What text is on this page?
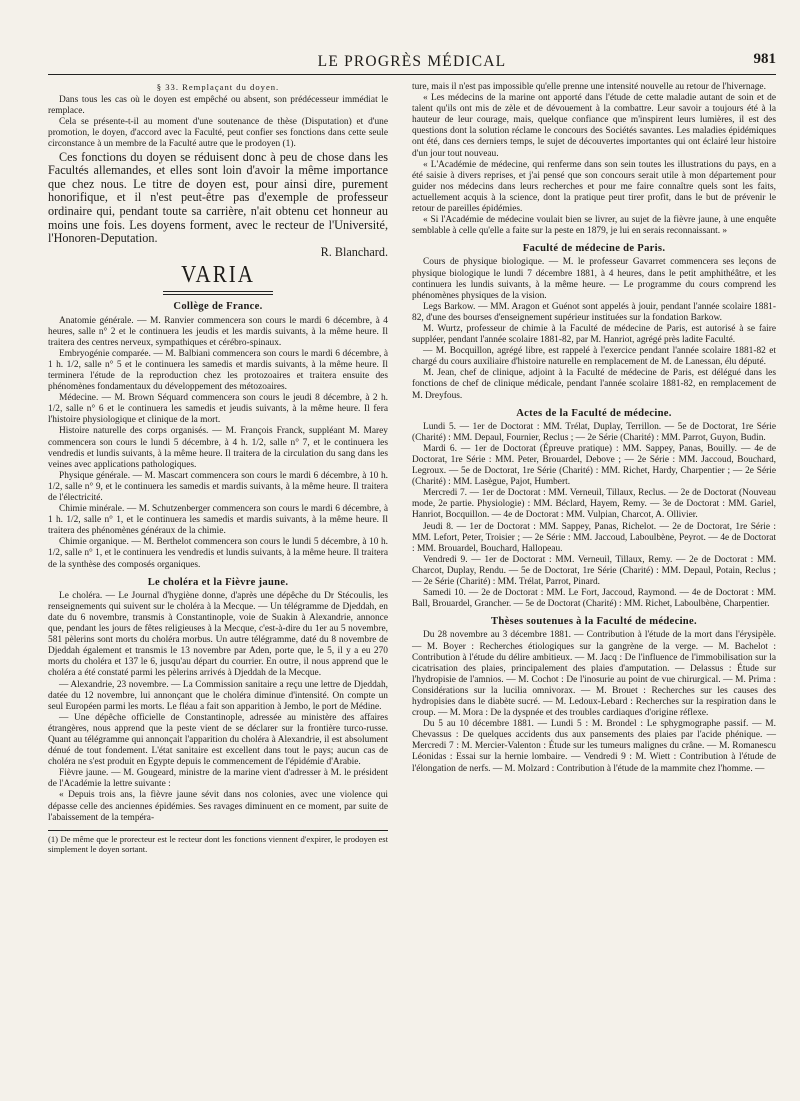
LE PROGRÈS MÉDICAL	981
§ 33. Remplaçant du doyen.

Dans tous les cas où le doyen est empêché ou absent, son prédécesseur immédiat le remplace.

Cela se présente-t-il au moment d'une soutenance de thèse (Disputation) et d'une promotion, le doyen, d'accord avec la Faculté, peut confier ses fonctions dans cette seule circonstance à un membre de la Faculté autre que le prodoyen (1).

Ces fonctions du doyen se réduisent donc à peu de chose dans les Facultés allemandes, et elles sont loin d'avoir la même importance que chez nous. Le titre de doyen est, pour ainsi dire, purement honorifique, et il n'est peut-être pas d'exemple de professeur ordinaire qui, pendant toute sa carrière, n'ait obtenu cet honneur au moins une fois. Les doyens forment, avec le recteur de l'Université, l'Honoren-Deputation.

R. Blanchard.
VARIA
Collège de France.

Anatomie générale. — M. Ranvier commencera son cours le mardi 6 décembre, à 4 heures, salle n° 2 et le continuera les jeudis et les mardis suivants, à la même heure. Il traitera des centres nerveux, sympathiques et cérébro-spinaux.

Embryogénie comparée. — M. Balbiani commencera son cours le mardi 6 décembre, à 1 h. 1/2, salle n° 5 et le continuera les samedis et mardis suivants, à la même heure. Il terminera l'étude de la reproduction chez les protozoaires et traitera ensuite des phénomènes fondamentaux du développement des métozoaires.

Médecine. — M. Brown Séquard commencera son cours le jeudi 8 décembre, à 2 h. 1/2, salle n° 6 et le continuera les samedis et jeudis suivants, à la même heure. Il fera l'histoire physiologique et clinique de la mort.

Histoire naturelle des corps organisés. — M. François Franck, suppléant M. Marey commencera son cours le lundi 5 décembre, à 4 h. 1/2, salle n° 7, et le continuera les vendredis et lundis suivants, à la même heure. Il traitera de la circulation du sang dans les veines avec applications pathologiques.

Physique générale. — M. Mascart commencera son cours le mardi 6 décembre, à 10 h. 1/2, salle n° 9, et le continuera les samedis et mardis suivants, à la même heure. Il traitera de l'électricité.

Chimie minérale. — M. Schutzenberger commencera son cours le mardi 6 décembre, à 1 h. 1/2, salle n° 1, et le continuera les samedis et mardis suivants, à la même heure. Il traitera des phénomènes généraux de la chimie.

Chimie organique. — M. Berthelot commencera son cours le lundi 5 décembre, à 10 h. 1/2, salle n° 1, et le continuera les vendredis et lundis suivants, à la même heure. Il traitera de la synthèse des composés organiques.

Le choléra et la Fièvre jaune.

Le choléra. — Le Journal d'hygiène donne, d'après une dépêche du Dr Stécoulis, les renseignements qui suivent sur le choléra à la Mecque. — Un télégramme de Djeddah, en date du 6 novembre, transmis à Constantinople, voie de Suakin à Alexandrie, annonce que, pendant les jours de fêtes religieuses à la Mecque, c'est-à-dire du 1er au 5 novembre, 581 pèlerins sont morts du choléra morbus. Un autre télégramme, daté du 8 novembre de Djeddah également et transmis le 13 novembre par Aden, porte que, le 5, il y a eu 270 morts du choléra et 137 le 6, jusqu'au départ du courrier. En outre, il nous apprend que le choléra a été constaté parmi les pèlerins arrivés à Djeddah de la Mecque.

— Alexandrie, 23 novembre. — La Commission sanitaire a reçu une lettre de Djeddah, datée du 12 novembre, lui annonçant que le choléra diminue d'intensité. On compte un seul Européen parmi les morts. Le fléau a fait son apparition à Jembo, le port de Médine.

— Une dépêche officielle de Constantinople, adressée au ministère des affaires étrangères, nous apprend que la peste vient de se déclarer sur la frontière turco-russe. Quant au télégramme qui annonçait l'apparition du choléra à Alexandrie, il est absolument dénué de tout fondement. L'état sanitaire est excellent dans tout le pays; aucun cas de choléra ne s'est produit en Egypte depuis le commencement de l'épidémie d'Arabie.

Fièvre jaune. — M. Gougeard, ministre de la marine vient d'adresser à M. le président de l'Académie la lettre suivante :

« Depuis trois ans, la fièvre jaune sévit dans nos colonies, avec une violence qui dépasse celle des anciennes épidémies. Ses ravages diminuent en ce moment, par suite de l'abaissement de la tempéra-

(1) De même que le prorecteur est le recteur dont les fonctions viennent d'expirer, le prodoyen est simplement le doyen sortant.

ture, mais il n'est pas impossible qu'elle prenne une intensité nouvelle au retour de l'hivernage.

« Les médecins de la marine ont apporté dans l'étude de cette maladie autant de soin et de talent qu'ils ont mis de zèle et de dévouement à la combattre. Leur savoir a toujours été à la hauteur de leur courage, mais, quelque confiance que m'inspirent leurs lumières, il est des questions dont la solution réclame le concours des Sociétés savantes. Les maladies épidémiques ont été, dans ces derniers temps, le sujet de découvertes importantes qui ont éclairé leur histoire d'un jour tout nouveau.

« L'Académie de médecine, qui renferme dans son sein toutes les illustrations du pays, en a été saisie à divers reprises, et j'ai pensé que son concours serait utile à mon département pour guider nos médecins dans leurs recherches et pour me faire connaître quels sont les faits, actuellement acquis à la science, dont la pratique peut tirer profit, dans le but de prévenir le retour de pareilles épidémies.

« Si l'Académie de médecine voulait bien se livrer, au sujet de la fièvre jaune, à une enquête semblable à celle qu'elle a faite sur la peste en 1879, je lui en serais reconnaissant. »

Faculté de médecine de Paris.

Cours de physique biologique. — M. le professeur Gavarret commencera ses leçons de physique biologique le lundi 7 décembre 1881, à 4 heures, dans le petit amphithéâtre, et les continuera les lundis suivants, à la même heure. — Le programme du cours comprend les phénomènes physiques de la vision.

Legs Barkow. — MM. Aragon et Guénot sont appelés à jouir, pendant l'année scolaire 1881-82, d'une des bourses d'enseignement supérieur instituées sur la fondation Barkow.

M. Wurtz, professeur de chimie à la Faculté de médecine de Paris, est autorisé à se faire suppléer, pendant l'année scolaire 1881-82, par M. Hanriot, agrégé près ladite Faculté.

— M. Bocquillon, agrégé libre, est rappelé à l'exercice pendant l'année scolaire 1881-82 et chargé du cours auxiliaire d'histoire naturelle en remplacement de M. de Lanessan, élu député.

M. Jean, chef de clinique, adjoint à la Faculté de médecine de Paris, est délégué dans les fonctions de chef de clinique médicale, pendant l'année scolaire 1881-82, en remplacement de M. Dreyfous.

Actes de la Faculté de médecine.

Lundi 5. — 1er de Doctorat : MM. Trélat, Duplay, Terrillon. — 5e de Doctorat, 1re Série (Charité) : MM. Depaul, Fournier, Reclus ; — 2e Série (Charité) : MM. Parrot, Guyon, Budin.

Mardi 6. — 1er de Doctorat (Épreuve pratique) : MM. Sappey, Panas, Bouilly. — 4e de Doctorat, 1re Série : MM. Peter, Brouardel, Debove ; — 2e Série : MM. Jaccoud, Bouchard, Legroux. — 5e de Doctorat, 1re Série (Charité) : MM. Richet, Hardy, Charpentier ; — 2e Série (Charité) : MM. Lasègue, Pajot, Humbert.

Mercredi 7. — 1er de Doctorat : MM. Verneuil, Tillaux, Reclus. — 2e de Doctorat (Nouveau mode, 2e partie. Physiologie) : MM. Béclard, Hayem, Remy. — 3e de Doctorat : MM. Gariel, Hanriot, Bocquillon. — 4e de Doctorat : MM. Vulpian, Charcot, A. Ollivier.

Jeudi 8. — 1er de Doctorat : MM. Sappey, Panas, Richelot. — 2e de Doctorat, 1re Série : MM. Lefort, Peter, Troisier ; — 2e Série : MM. Jaccoud, Laboulbène, Peyrot. — 4e de Doctorat : MM. Brouardel, Bouchard, Hallopeau.

Vendredi 9. — 1er de Doctorat : MM. Verneuil, Tillaux, Remy. — 2e de Doctorat : MM. Charcot, Duplay, Rendu. — 5e de Doctorat, 1re Série (Charité) : MM. Depaul, Potain, Reclus ; — 2e Série (Charité) : MM. Trélat, Parrot, Pinard.

Samedi 10. — 2e de Doctorat : MM. Le Fort, Jaccoud, Raymond. — 4e de Doctorat : MM. Ball, Brouardel, Grancher. — 5e de Doctorat (Charité) : MM. Richet, Laboulbène, Charpentier.

Thèses soutenues à la Faculté de médecine.

Du 28 novembre au 3 décembre 1881. — Contribution à l'étude de la mort dans l'érysipèle. — M. Boyer : Recherches étiologiques sur la gangrène de la verge. — M. Bachelot : Contribution à l'étude du délire ambitieux. — M. Jacq : De l'influence de l'immobilisation sur la cicatrisation des plaies, principalement des plaies d'amputation. — Delassus : Étude sur l'hydropisie de l'amnios. — M. Cochot : De l'inosurie au point de vue chirurgical. — M. Prima : Considérations sur la lucilia omnivorax. — M. Brouet : Recherches sur les causes des hydropisies dans le diabète sucré. — M. Ledoux-Lebard : Recherches sur la respiration dans le croup. — M. Mora : De la dyspnée et des troubles cardiaques d'origine réflexe.

Du 5 au 10 décembre 1881. — Lundi 5 : M. Brondel : Le sphygmographe passif. — M. Chevassus : De quelques accidents dus aux pansements des plaies par l'acide phénique. — Mercredi 7 : M. Mercier-Valenton : Étude sur les tumeurs malignes du crâne. — M. Romanescu Léonidas : Essai sur la hernie lombaire. — Vendredi 9 : M. Wiett : Contribution à l'étude de l'élongation de nerfs. — M. Molzard : Contribution à l'étude de la mammite chez l'homme. —
